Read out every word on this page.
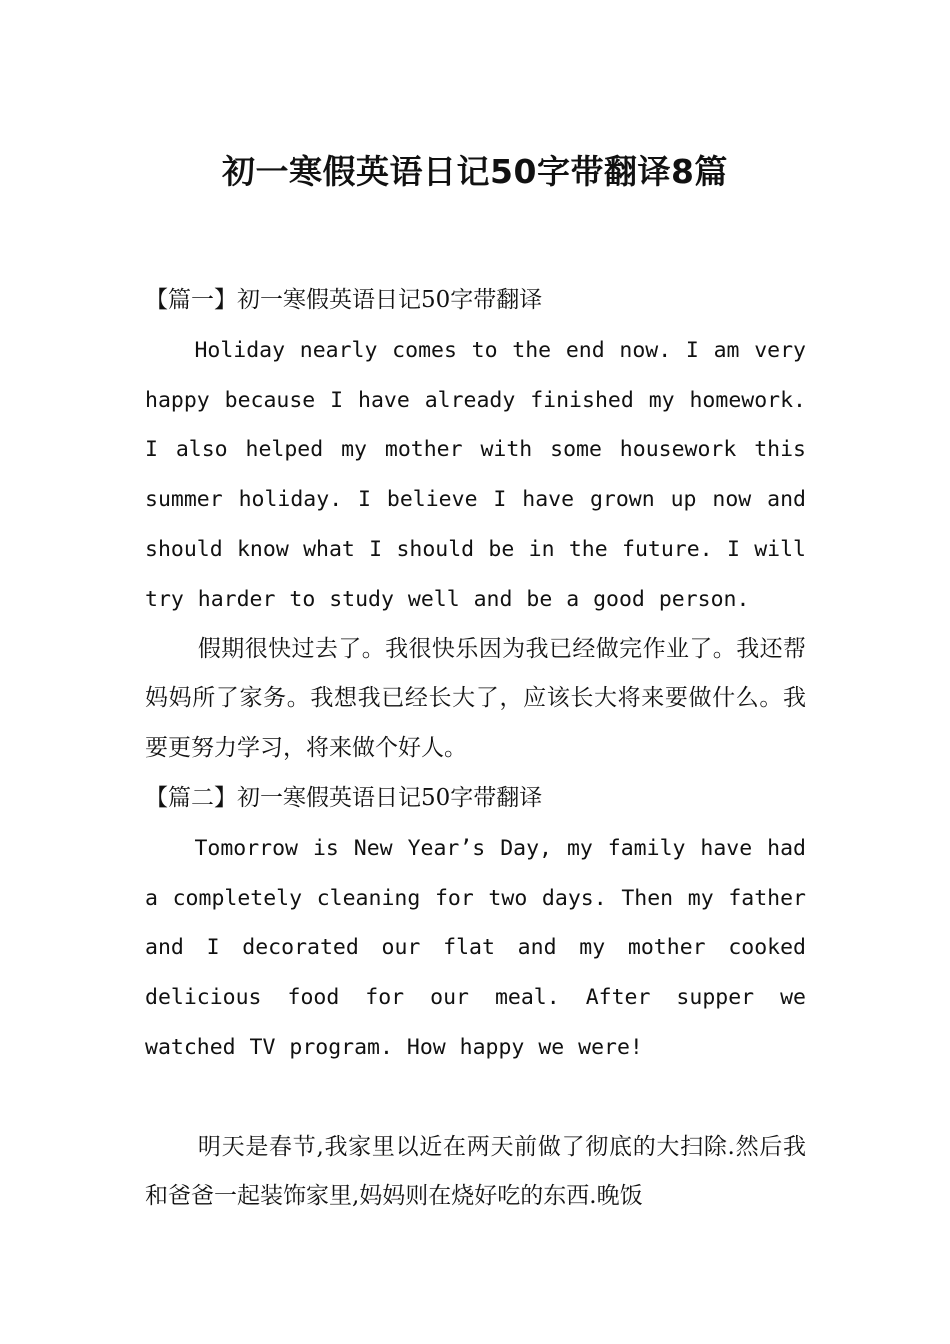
初一寒假英语日记50字带翻译8篇

【篇一】初一寒假英语日记50字带翻译

Holiday nearly comes to the end now. I am very happy because I have already finished my homework. I also helped my mother with some housework this summer holiday. I believe I have grown up now and should know what I should be in the future. I will try harder to study well and be a good person.

假期很快过去了。我很快乐因为我已经做完作业了。我还帮妈妈所了家务。我想我已经长大了，应该长大将来要做什么。我要更努力学习，将来做个好人。

【篇二】初一寒假英语日记50字带翻译

Tomorrow is New Year’s Day, my family have had a completely cleaning for two days. Then my father and I decorated our flat and my mother cooked delicious food for our meal. After supper we watched TV program. How happy we were!

明天是春节,我家里以近在两天前做了彻底的大扫除.然后我和爸爸一起装饰家里,妈妈则在烧好吃的东西.晚饭
